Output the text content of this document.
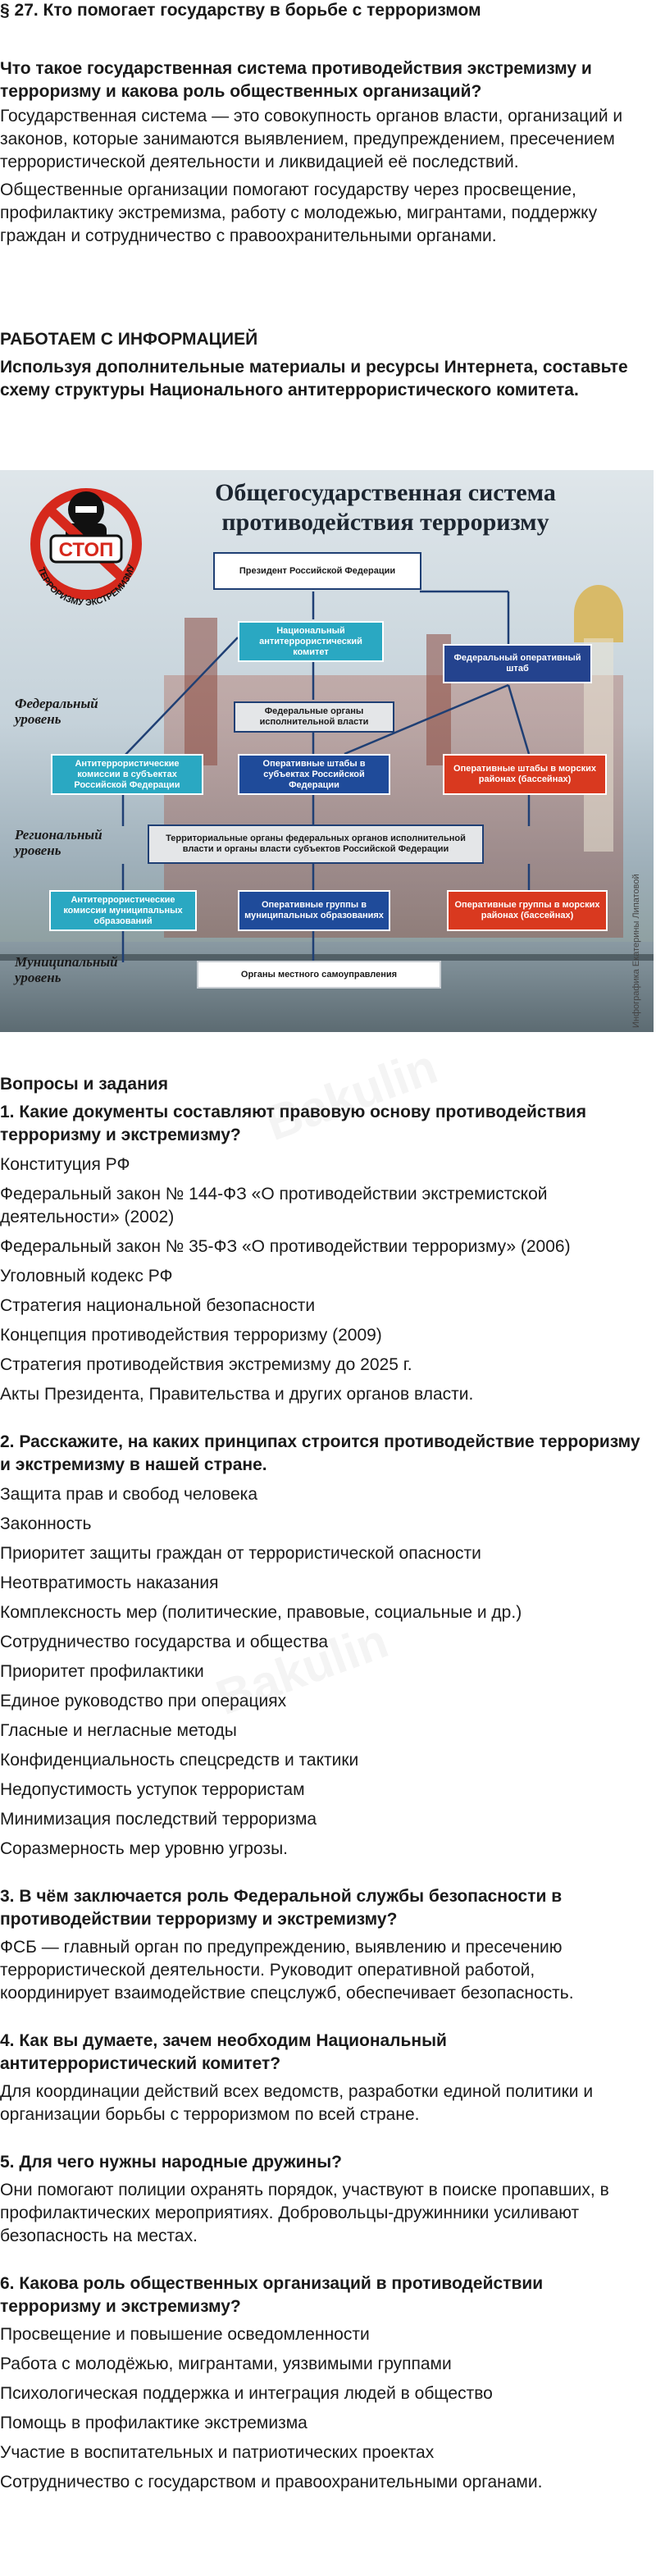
§ 27. Кто помогает государству в борьбе с терроризмом

Что такое государственная система противодействия экстремизму и терроризму и какова роль общественных организаций?

Государственная система — это совокупность органов власти, организаций и законов, которые занимаются выявлением, предупреждением, пресечением террористической деятельности и ликвидацией её последствий.

Общественные организации помогают государству через просвещение, профилактику экстремизма, работу с молодежью, мигрантами, поддержку граждан и сотрудничество с правоохранительными органами.

РАБОТАЕМ С ИНФОРМАЦИЕЙ

Используя дополнительные материалы и ресурсы Интернета, составьте схему структуры Национального антитеррористического комитета.

СТОП
ТЕРРОРИЗМУ ЭКСТРЕМИЗМУ
Общегосударственная система
противодействия терроризму
Президент Российской Федерации
Национальный антитеррористический комитет
Федеральный оперативный штаб
Федеральные органы исполнительной власти
Антитеррористические комиссии в субъектах Российской Федерации
Оперативные штабы в субъектах Российской Федерации
Оперативные штабы в морских районах (бассейнах)
Территориальные органы федеральных органов исполнительной власти и органы власти субъектов Российской Федерации
Антитеррористические комиссии муниципальных образований
Оперативные группы в муниципальных образованиях
Оперативные группы в морских районах (бассейнах)
Органы местного самоуправления
Федеральный уровень
Региональный уровень
Муниципальный уровень

Вопросы и задания

1. Какие документы составляют правовую основу противодействия терроризму и экстремизму?

Конституция РФ

Федеральный закон № 144-ФЗ «О противодействии экстремистской деятельности» (2002)

Федеральный закон № 35-ФЗ «О противодействии терроризму» (2006)

Уголовный кодекс РФ

Стратегия национальной безопасности

Концепция противодействия терроризму (2009)

Стратегия противодействия экстремизму до 2025 г.

Акты Президента, Правительства и других органов власти.

2. Расскажите, на каких принципах строится противодействие терроризму и экстремизму в нашей стране.

Защита прав и свобод человека

Законность

Приоритет защиты граждан от террористической опасности

Неотвратимость наказания

Комплексность мер (политические, правовые, социальные и др.)

Сотрудничество государства и общества

Приоритет профилактики

Единое руководство при операциях

Гласные и негласные методы

Конфиденциальность спецсредств и тактики

Недопустимость уступок террористам

Минимизация последствий терроризма

Соразмерность мер уровню угрозы.

3. В чём заключается роль Федеральной службы безопасности в противодействии терроризму и экстремизму?

ФСБ — главный орган по предупреждению, выявлению и пресечению террористической деятельности. Руководит оперативной работой, координирует взаимодействие спецслужб, обеспечивает безопасность.

4. Как вы думаете, зачем необходим Национальный антитеррористический комитет?

Для координации действий всех ведомств, разработки единой политики и организации борьбы с терроризмом по всей стране.

5. Для чего нужны народные дружины?

Они помогают полиции охранять порядок, участвуют в поиске пропавших, в профилактических мероприятиях. Добровольцы-дружинники усиливают безопасность на местах.

6. Какова роль общественных организаций в противодействии терроризму и экстремизму?

Просвещение и повышение осведомленности

Работа с молодёжью, мигрантами, уязвимыми группами

Психологическая поддержка и интеграция людей в общество

Помощь в профилактике экстремизма

Участие в воспитательных и патриотических проектах

Сотрудничество с государством и правоохранительными органами.
